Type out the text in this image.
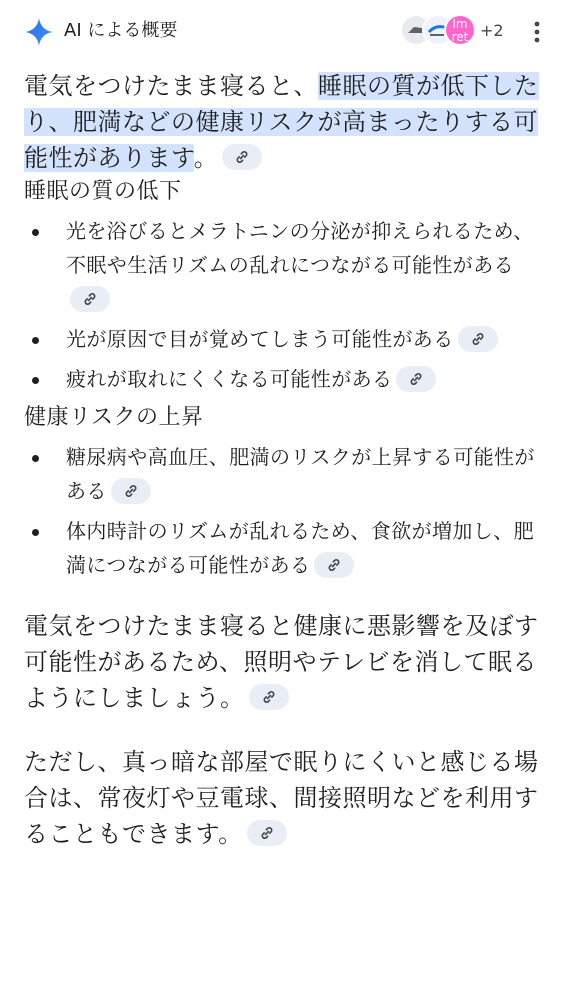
AI による概要	Im ret +2

電気をつけたまま寝ると、睡眠の質が低下したり、肥満などの健康リスクが高まったりする可能性があります。

睡眠の質の低下
光を浴びるとメラトニンの分泌が抑えられるため、不眠や生活リズムの乱れにつながる可能性がある
光が原因で目が覚めてしまう可能性がある
疲れが取れにくくなる可能性がある
健康リスクの上昇
糖尿病や高血圧、肥満のリスクが上昇する可能性がある
体内時計のリズムが乱れるため、食欲が増加し、肥満につながる可能性がある

電気をつけたまま寝ると健康に悪影響を及ぼす可能性があるため、照明やテレビを消して眠るようにしましょう。

ただし、真っ暗な部屋で眠りにくいと感じる場合は、常夜灯や豆電球、間接照明などを利用することもできます。
